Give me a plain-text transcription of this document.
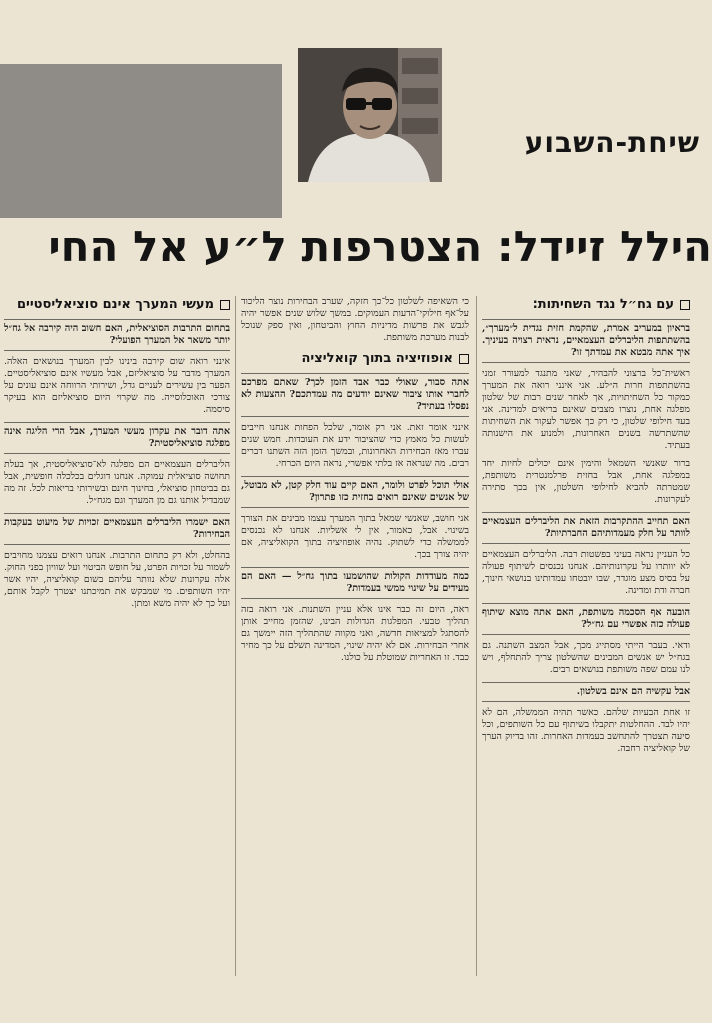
שיחת-השבוע
הילל זיידל: הצטרפות ל״ע אל החי
עם גח״ל נגד השחיתות:
בראיון במעריב אמרת, שהקמת חזית נגדית ל״מערך״, בהשתתפות הליברלים העצמאיים, נראית רצויה בעיניך. איך אתה מבטא את עמדתך זו?
ראשית־כל ברצוני להבהיר, שאני מתנגד למעורר זמני בהשתתפות חרות ה״לע. אני אינני רואה את המערך כמקור כל השחיתויות, אך לאחר שנים רבות של שלטון מפלגה אחת, נוצרו מצבים שאינם בריאים למדינה. אני בעד חילופי שלטון, כי רק כך אפשר לעקור את השחיתות שהשתרשה בשנים האחרונות, ולמנוע את הישנותה בעתיד.
ברור שאנשי השמאל והימין אינם יכולים לחיות יחד במפלגה אחת, אבל בחזית פרלמנטרית משותפת, שמטרתה להביא לחילופי השלטון, אין בכך סתירה לעקרונות.
האם תחייב ההתקרבות הזאת את הליברלים העצמאיים לוותר על חלק מעמדותיהם החברתיות?
כל העניין נראה בעיני בפשטות רבה. הליברלים העצמאיים לא יוותרו על עקרונותיהם. אנחנו נכנסים לשיתוף פעולה על בסיס מצע מוגדר, שבו יובטחו עמדותינו בנושאי חינוך, חברה ודת ומדינה.
הובעה אף הסכמה משותפת, האם אתה מוצא שיתוף פעולה כזה אפשרי עם גח״ל?
ודאי. בעבר הייתי מסתייג מכך, אבל המצב השתנה. גם בגח״ל יש אנשים המבינים שהשלטון צריך להתחלף, ויש לנו עמם שפה משותפת בנושאים רבים.
אבל עקשיה הם אינם בשלטון.
זו אחת הבעיות שלהם. כאשר תהיה הממשלה, הם לא יהיו לבד. ההחלטות יתקבלו בשיתוף עם כל השותפים, וכל סיעה תצטרך להתחשב בעמדות האחרות. זהו בדיוק הערך של קואליציה רחבה.
כי השאיפה לשלטון כל־כך חזקה, שערב הבחירות נוצר הליכוד על־אף חילוקי־הדעות העמוקים. במשך שלוש שנים אפשר יהיה לגבש את פרשות מדיניות החוץ והביטחון, ואין ספק שנוכל לבנות מערכת משותפת.
אופוזיציה בתוך קואליציה
אתה סבור, שאולי כבר אבד הזמן לכך? שאתם מפרכם לחברי אותו ציבור שאינם יודעים מה עמדתכם? ההצעות לא נפסלו בעתיד?
אינני אומר זאת. אני רק אומר, שלכל הפחות אנחנו חייבים לעשות כל מאמץ כדי שהציבור ידע את העובדות. חמש שנים עברו מאז הבחירות האחרונות, ובמשך הזמן הזה השתנו דברים רבים. מה שנראה אז בלתי אפשרי, נראה היום הכרחי.
אולי תוכל לפרט ולומר, האם קיים עוד חלק קטן, לא מבוטל, של אנשים שאינם רואים בחזית כזו פתרון?
אני חושב, שאנשי שמאל בתוך המערך עצמו מבינים את הצורך בשינוי. אבל, כאמור, אין לי אשליות. אנחנו לא נכנסים לממשלה כדי לשתוק. נהיה אופוזיציה בתוך הקואליציה, אם יהיה צורך בכך.
כמה מעודדות הקולות שהושמעו בתוך גח״ל — האם הם מעידים על שינוי ממשי בעמדות?
ראה, היום זה כבר אינו אלא עניין השתנות. אני רואה בזה תהליך טבעי. המפלגות הגדולות הבינו, שהזמן מחייב אותן להסתגל למציאות חדשה, ואני מקווה שהתהליך הזה יימשך גם אחרי הבחירות. אם לא יהיה שינוי, המדינה תשלם על כך מחיר כבד. זו האחריות שמוטלת על כולנו.
מעשי המערך אינם סוציאליסטיים
בתחום התרבות הסוציאלית, האם חשוב היה קירבה אל גח״ל יותר משאר אל המערך הפועלי?
אינני רואה שום קירבה בינינו לבין המערך בנושאים האלה. המערך מדבר על סוציאליזם, אבל מעשיו אינם סוציאליסטיים. הפער בין עשירים לעניים גדל, ושירותי הרווחה אינם עונים על צורכי האוכלוסייה. מה שקרוי היום סוציאליזם הוא בעיקר סיסמה.
אתה דובר את עקרון מעשי המערך, אבל הרי הליגה אינה מפלגה סוציאליסטית?
הליברלים העצמאיים הם מפלגה לא־סוציאליסטית, אך בעלת תחושה סוציאלית עמוקה. אנחנו דוגלים בכלכלה חופשית, אבל גם בביטחון סוציאלי, בחינוך חינם ובשירותי בריאות לכל. זה מה שמבדיל אותנו גם מן המערך וגם מגח״ל.
האם ישמרו הליברלים העצמאיים זכויות של מיעוט בעקבות הבחירות?
בהחלט, ולא רק בתחום התרבות. אנחנו רואים עצמנו מחויבים לשמור על זכויות הפרט, על חופש הביטוי ועל שוויון בפני החוק. אלה עקרונות שלא נוותר עליהם בשום קואליציה, יהיו אשר יהיו השותפים. מי שמבקש את תמיכתנו יצטרך לקבל אותם, ועל כך לא יהיה משא ומתן.
